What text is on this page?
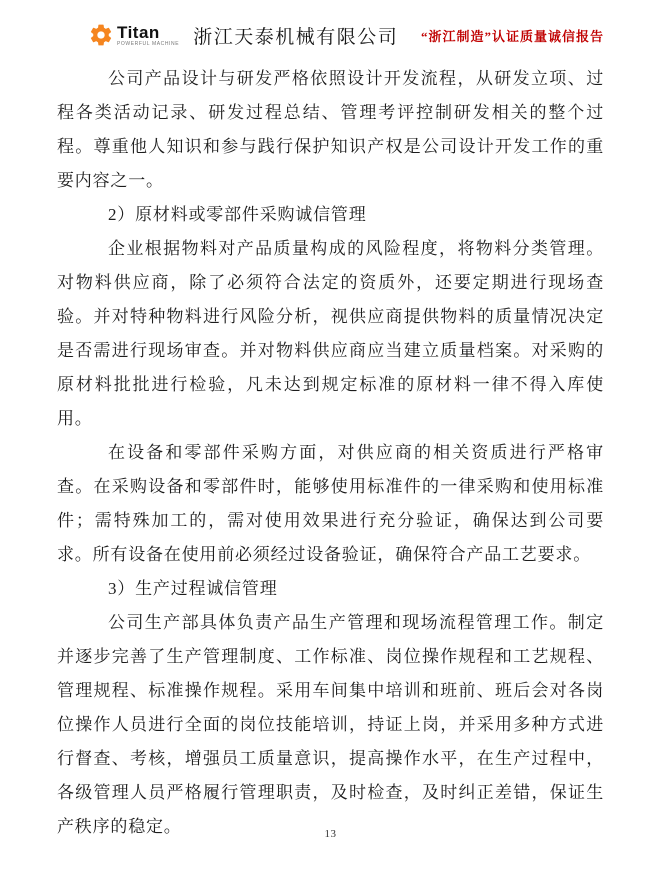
Titan
POWERFUL MACHINE 浙江天泰机械有限公司	“浙江制造”认证质量诚信报告

公司产品设计与研发严格依照设计开发流程，从研发立项、过程各类活动记录、研发过程总结、管理考评控制研发相关的整个过程。尊重他人知识和参与践行保护知识产权是公司设计开发工作的重要内容之一。

2）原材料或零部件采购诚信管理

企业根据物料对产品质量构成的风险程度，将物料分类管理。对物料供应商，除了必须符合法定的资质外，还要定期进行现场查验。并对特种物料进行风险分析，视供应商提供物料的质量情况决定是否需进行现场审查。并对物料供应商应当建立质量档案。对采购的原材料批批进行检验，凡未达到规定标准的原材料一律不得入库使用。

在设备和零部件采购方面，对供应商的相关资质进行严格审查。在采购设备和零部件时，能够使用标准件的一律采购和使用标准件；需特殊加工的，需对使用效果进行充分验证，确保达到公司要求。所有设备在使用前必须经过设备验证，确保符合产品工艺要求。

3）生产过程诚信管理

公司生产部具体负责产品生产管理和现场流程管理工作。制定并逐步完善了生产管理制度、工作标准、岗位操作规程和工艺规程、管理规程、标准操作规程。采用车间集中培训和班前、班后会对各岗位操作人员进行全面的岗位技能培训，持证上岗，并采用多种方式进行督查、考核，增强员工质量意识，提高操作水平，在生产过程中，各级管理人员严格履行管理职责，及时检查，及时纠正差错，保证生产秩序的稳定。	13
